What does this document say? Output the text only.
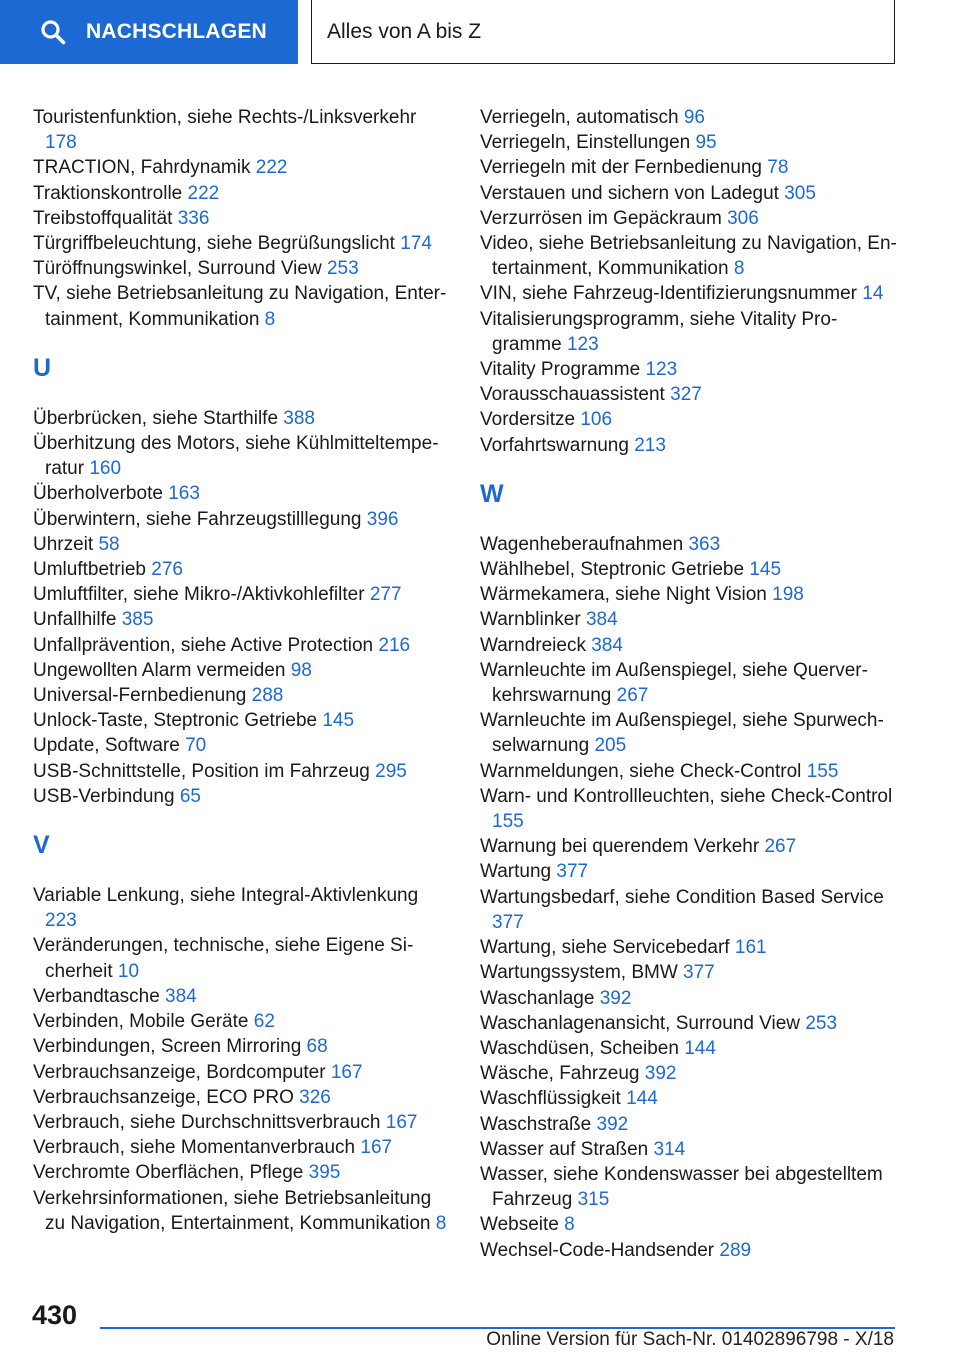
NACHSCHLAGEN	Alles von A bis Z
Touristenfunktion, siehe Rechts-/Linksverkehr 178
TRACTION, Fahrdynamik 222
Traktionskontrolle 222
Treibstoffqualität 336
Türgriffbeleuchtung, siehe Begrüßungslicht 174
Türöffnungswinkel, Surround View 253
TV, siehe Betriebsanleitung zu Navigation, Entertainment, Kommunikation 8
U
Überbrücken, siehe Starthilfe 388
Überhitzung des Motors, siehe Kühlmitteltemperatur 160
Überholverbote 163
Überwintern, siehe Fahrzeugstilllegung 396
Uhrzeit 58
Umluftbetrieb 276
Umluftfilter, siehe Mikro-/Aktivkohlefilter 277
Unfallhilfe 385
Unfallprävention, siehe Active Protection 216
Ungewollten Alarm vermeiden 98
Universal-Fernbedienung 288
Unlock-Taste, Steptronic Getriebe 145
Update, Software 70
USB-Schnittstelle, Position im Fahrzeug 295
USB-Verbindung 65
V
Variable Lenkung, siehe Integral-Aktivlenkung 223
Veränderungen, technische, siehe Eigene Sicherheit 10
Verbandtasche 384
Verbinden, Mobile Geräte 62
Verbindungen, Screen Mirroring 68
Verbrauchsanzeige, Bordcomputer 167
Verbrauchsanzeige, ECO PRO 326
Verbrauch, siehe Durchschnittsverbrauch 167
Verbrauch, siehe Momentanverbrauch 167
Verchromte Oberflächen, Pflege 395
Verkehrsinformationen, siehe Betriebsanleitung zu Navigation, Entertainment, Kommunikation 8
Verriegeln, automatisch 96
Verriegeln, Einstellungen 95
Verriegeln mit der Fernbedienung 78
Verstauen und sichern von Ladegut 305
Verzurrösen im Gepäckraum 306
Video, siehe Betriebsanleitung zu Navigation, Entertainment, Kommunikation 8
VIN, siehe Fahrzeug-Identifizierungsnummer 14
Vitalisierungsprogramm, siehe Vitality Programme 123
Vitality Programme 123
Vorausschauassistent 327
Vordersitze 106
Vorfahrtswarnung 213
W
Wagenheberaufnahmen 363
Wählhebel, Steptronic Getriebe 145
Wärmekamera, siehe Night Vision 198
Warnblinker 384
Warndreieck 384
Warnleuchte im Außenspiegel, siehe Querverkehrswarnung 267
Warnleuchte im Außenspiegel, siehe Spurwechselwarnung 205
Warnmeldungen, siehe Check-Control 155
Warn- und Kontrollleuchten, siehe Check-Control 155
Warnung bei querendem Verkehr 267
Wartung 377
Wartungsbedarf, siehe Condition Based Service 377
Wartung, siehe Servicebedarf 161
Wartungssystem, BMW 377
Waschanlage 392
Waschanlagenansicht, Surround View 253
Waschdüsen, Scheiben 144
Wäsche, Fahrzeug 392
Waschflüssigkeit 144
Waschstraße 392
Wasser auf Straßen 314
Wasser, siehe Kondenswasser bei abgestelltem Fahrzeug 315
Webseite 8
Wechsel-Code-Handsender 289
430
Online Version für Sach-Nr. 01402896798 - X/18
